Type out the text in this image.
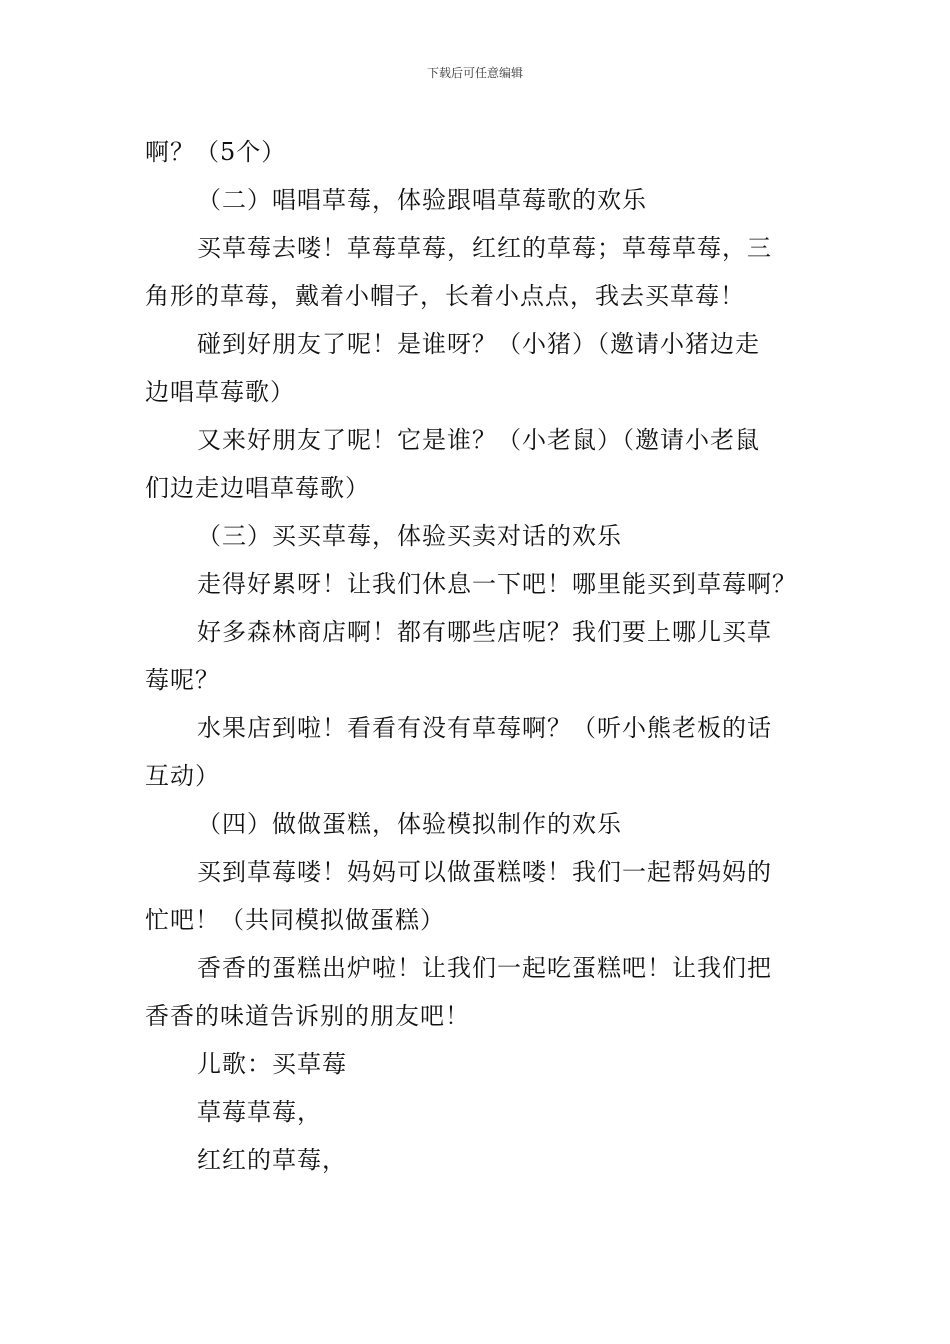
下载后可任意编辑
啊？（5个）
（二）唱唱草莓，体验跟唱草莓歌的欢乐
买草莓去喽！草莓草莓，红红的草莓；草莓草莓，三
角形的草莓，戴着小帽子，长着小点点，我去买草莓！
碰到好朋友了呢！是谁呀？（小猪）（邀请小猪边走
边唱草莓歌）
又来好朋友了呢！它是谁？（小老鼠）（邀请小老鼠
们边走边唱草莓歌）
（三）买买草莓，体验买卖对话的欢乐
走得好累呀！让我们休息一下吧！哪里能买到草莓啊？
好多森林商店啊！都有哪些店呢？我们要上哪儿买草
莓呢？
水果店到啦！看看有没有草莓啊？（听小熊老板的话
互动）
（四）做做蛋糕，体验模拟制作的欢乐
买到草莓喽！妈妈可以做蛋糕喽！我们一起帮妈妈的
忙吧！（共同模拟做蛋糕）
香香的蛋糕出炉啦！让我们一起吃蛋糕吧！让我们把
香香的味道告诉别的朋友吧！
儿歌：买草莓
草莓草莓，
红红的草莓，
